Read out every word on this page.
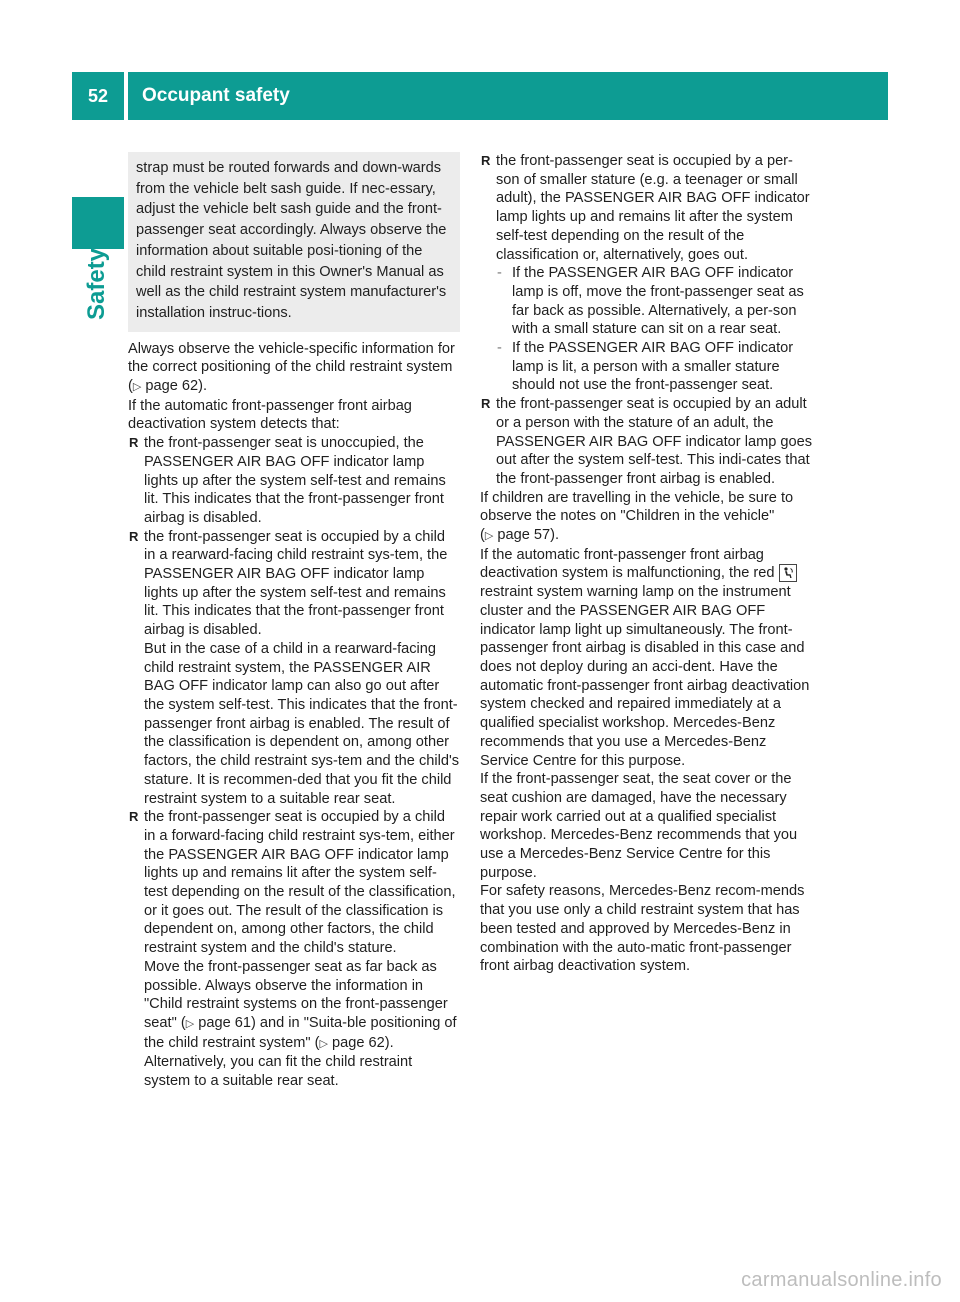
52	Occupant safety
Safety

strap must be routed forwards and down-wards from the vehicle belt sash guide. If nec-essary, adjust the vehicle belt sash guide and the front-passenger seat accordingly. Always observe the information about suitable posi-tioning of the child restraint system in this Owner's Manual as well as the child restraint system manufacturer's installation instruc-tions.

Always observe the vehicle-specific information for the correct positioning of the child restraint system (▷ page 62).

If the automatic front-passenger front airbag deactivation system detects that:

R the front-passenger seat is unoccupied, the PASSENGER AIR BAG OFF indicator lamp lights up after the system self-test and remains lit. This indicates that the front-passenger front airbag is disabled.

R the front-passenger seat is occupied by a child in a rearward-facing child restraint sys-tem, the PASSENGER AIR BAG OFF indicator lamp lights up after the system self-test and remains lit. This indicates that the front-passenger front airbag is disabled.

But in the case of a child in a rearward-facing child restraint system, the PASSENGER AIR BAG OFF indicator lamp can also go out after the system self-test. This indicates that the front-passenger front airbag is enabled. The result of the classification is dependent on, among other factors, the child restraint sys-tem and the child's stature. It is recommen-ded that you fit the child restraint system to a suitable rear seat.

R the front-passenger seat is occupied by a child in a forward-facing child restraint sys-tem, either the PASSENGER AIR BAG OFF indicator lamp lights up and remains lit after the system self-test depending on the result of the classification, or it goes out. The result of the classification is dependent on, among other factors, the child restraint system and the child's stature.

Move the front-passenger seat as far back as possible. Always observe the information in "Child restraint systems on the front-passenger seat" (▷ page 61) and in "Suita-ble positioning of the child restraint system" (▷ page 62). Alternatively, you can fit the child restraint system to a suitable rear seat.

R the front-passenger seat is occupied by a per-son of smaller stature (e.g. a teenager or small adult), the PASSENGER AIR BAG OFF indicator lamp lights up and remains lit after the system self-test depending on the result of the classification or, alternatively, goes out.

- If the PASSENGER AIR BAG OFF indicator lamp is off, move the front-passenger seat as far back as possible. Alternatively, a per-son with a small stature can sit on a rear seat.

- If the PASSENGER AIR BAG OFF indicator lamp is lit, a person with a smaller stature should not use the front-passenger seat.

R the front-passenger seat is occupied by an adult or a person with the stature of an adult, the PASSENGER AIR BAG OFF indicator lamp goes out after the system self-test. This indi-cates that the front-passenger front airbag is enabled.

If children are travelling in the vehicle, be sure to observe the notes on "Children in the vehicle" (▷ page 57).

If the automatic front-passenger front airbag deactivation system is malfunctioning, the red
restraint system warning lamp on the instrument cluster and the PASSENGER AIR BAG OFF indicator lamp light up simultaneously. The front-passenger front airbag is disabled in this case and does not deploy during an acci-dent. Have the automatic front-passenger front airbag deactivation system checked and repaired immediately at a qualified specialist workshop. Mercedes-Benz recommends that you use a Mercedes-Benz Service Centre for this purpose.

If the front-passenger seat, the seat cover or the seat cushion are damaged, have the necessary repair work carried out at a qualified specialist workshop. Mercedes-Benz recommends that you use a Mercedes-Benz Service Centre for this purpose.

For safety reasons, Mercedes-Benz recom-mends that you use only a child restraint system that has been tested and approved by Mercedes-Benz in combination with the auto-matic front-passenger front airbag deactivation system.

carmanualsonline.info
